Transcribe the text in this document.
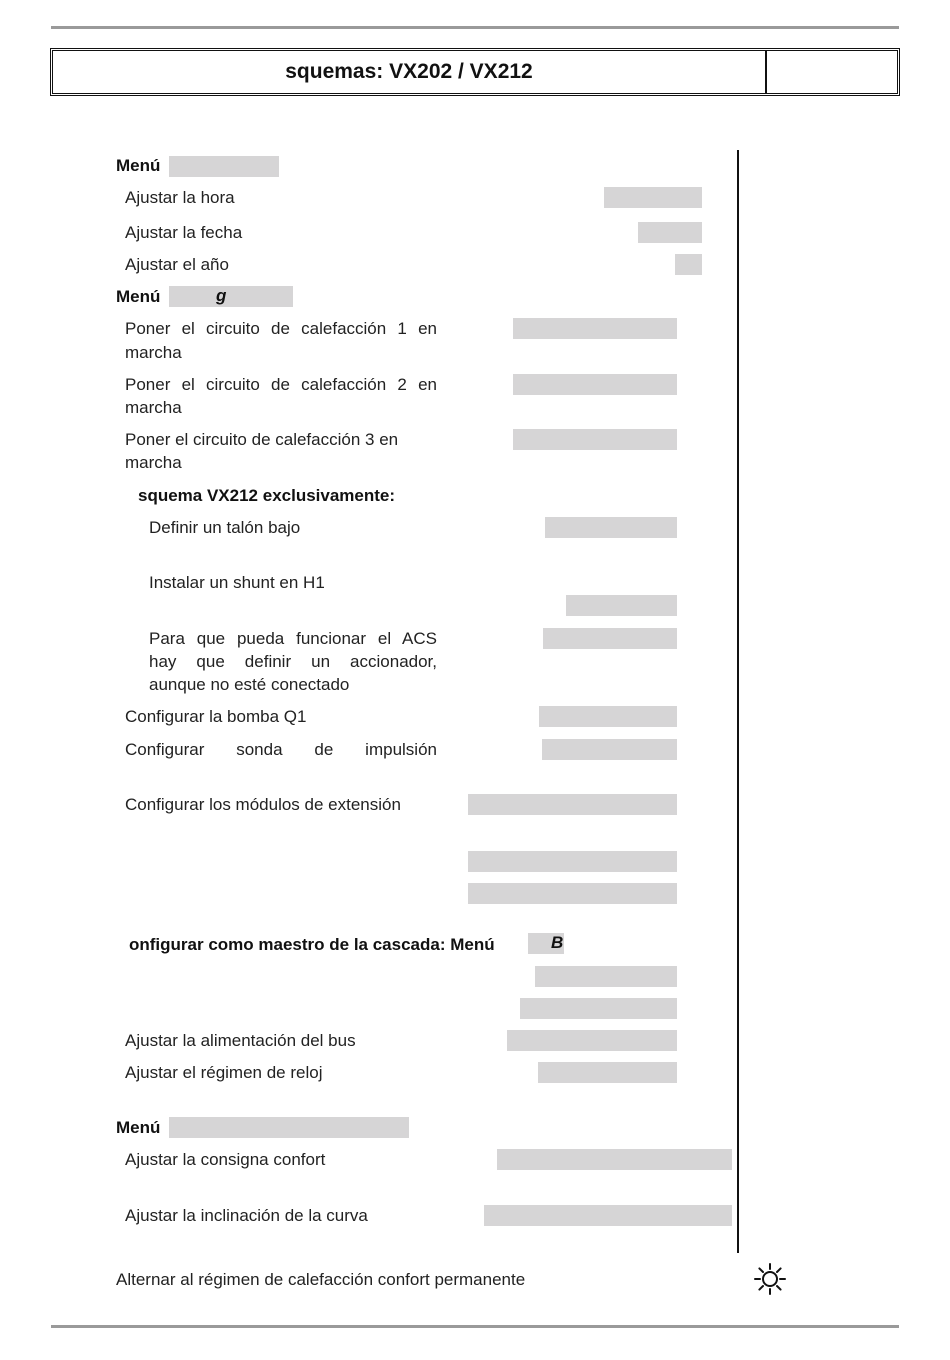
squemas: VX202 / VX212
Menú
Ajustar la hora
Ajustar la fecha
Ajustar el año
Menú	g
Poner el circuito de calefacción 1 en
marcha
Poner el circuito de calefacción 2 en
marcha
Poner el circuito de calefacción 3 en
marcha
squema VX212 exclusivamente:
Definir un talón bajo
Instalar un shunt en H1
Para que pueda funcionar el ACS
hay que definir un accionador,
aunque no esté conectado
Configurar la bomba Q1
Configurar sonda de impulsión
Configurar los módulos de extensión
onfigurar como maestro de la cascada: Menú	B
Ajustar la alimentación del bus
Ajustar el régimen de reloj
Menú
Ajustar la consigna confort
Ajustar la inclinación de la curva
Alternar al régimen de calefacción confort permanente
